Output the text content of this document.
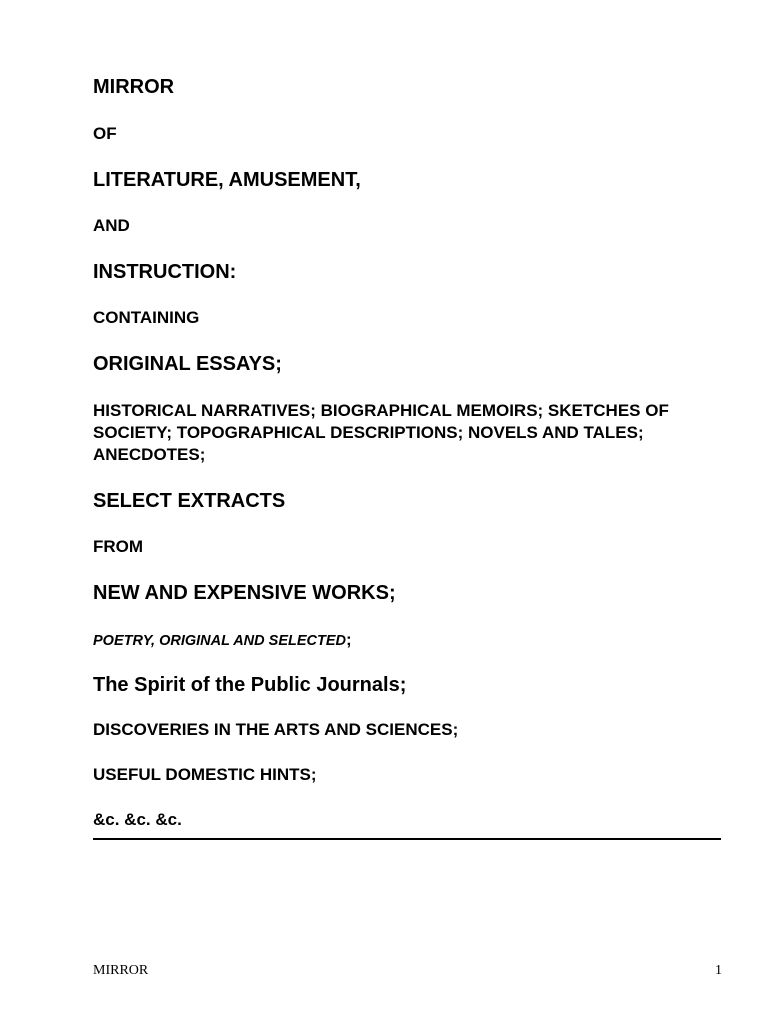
MIRROR

OF

LITERATURE, AMUSEMENT,

AND

INSTRUCTION:

CONTAINING

ORIGINAL ESSAYS;

HISTORICAL NARRATIVES; BIOGRAPHICAL MEMOIRS; SKETCHES OF SOCIETY; TOPOGRAPHICAL DESCRIPTIONS; NOVELS AND TALES; ANECDOTES;

SELECT EXTRACTS

FROM

NEW AND EXPENSIVE WORKS;

POETRY, ORIGINAL AND SELECTED;

The Spirit of the Public Journals;

DISCOVERIES IN THE ARTS AND SCIENCES;

USEFUL DOMESTIC HINTS;

&c. &c. &c.

MIRROR	1
